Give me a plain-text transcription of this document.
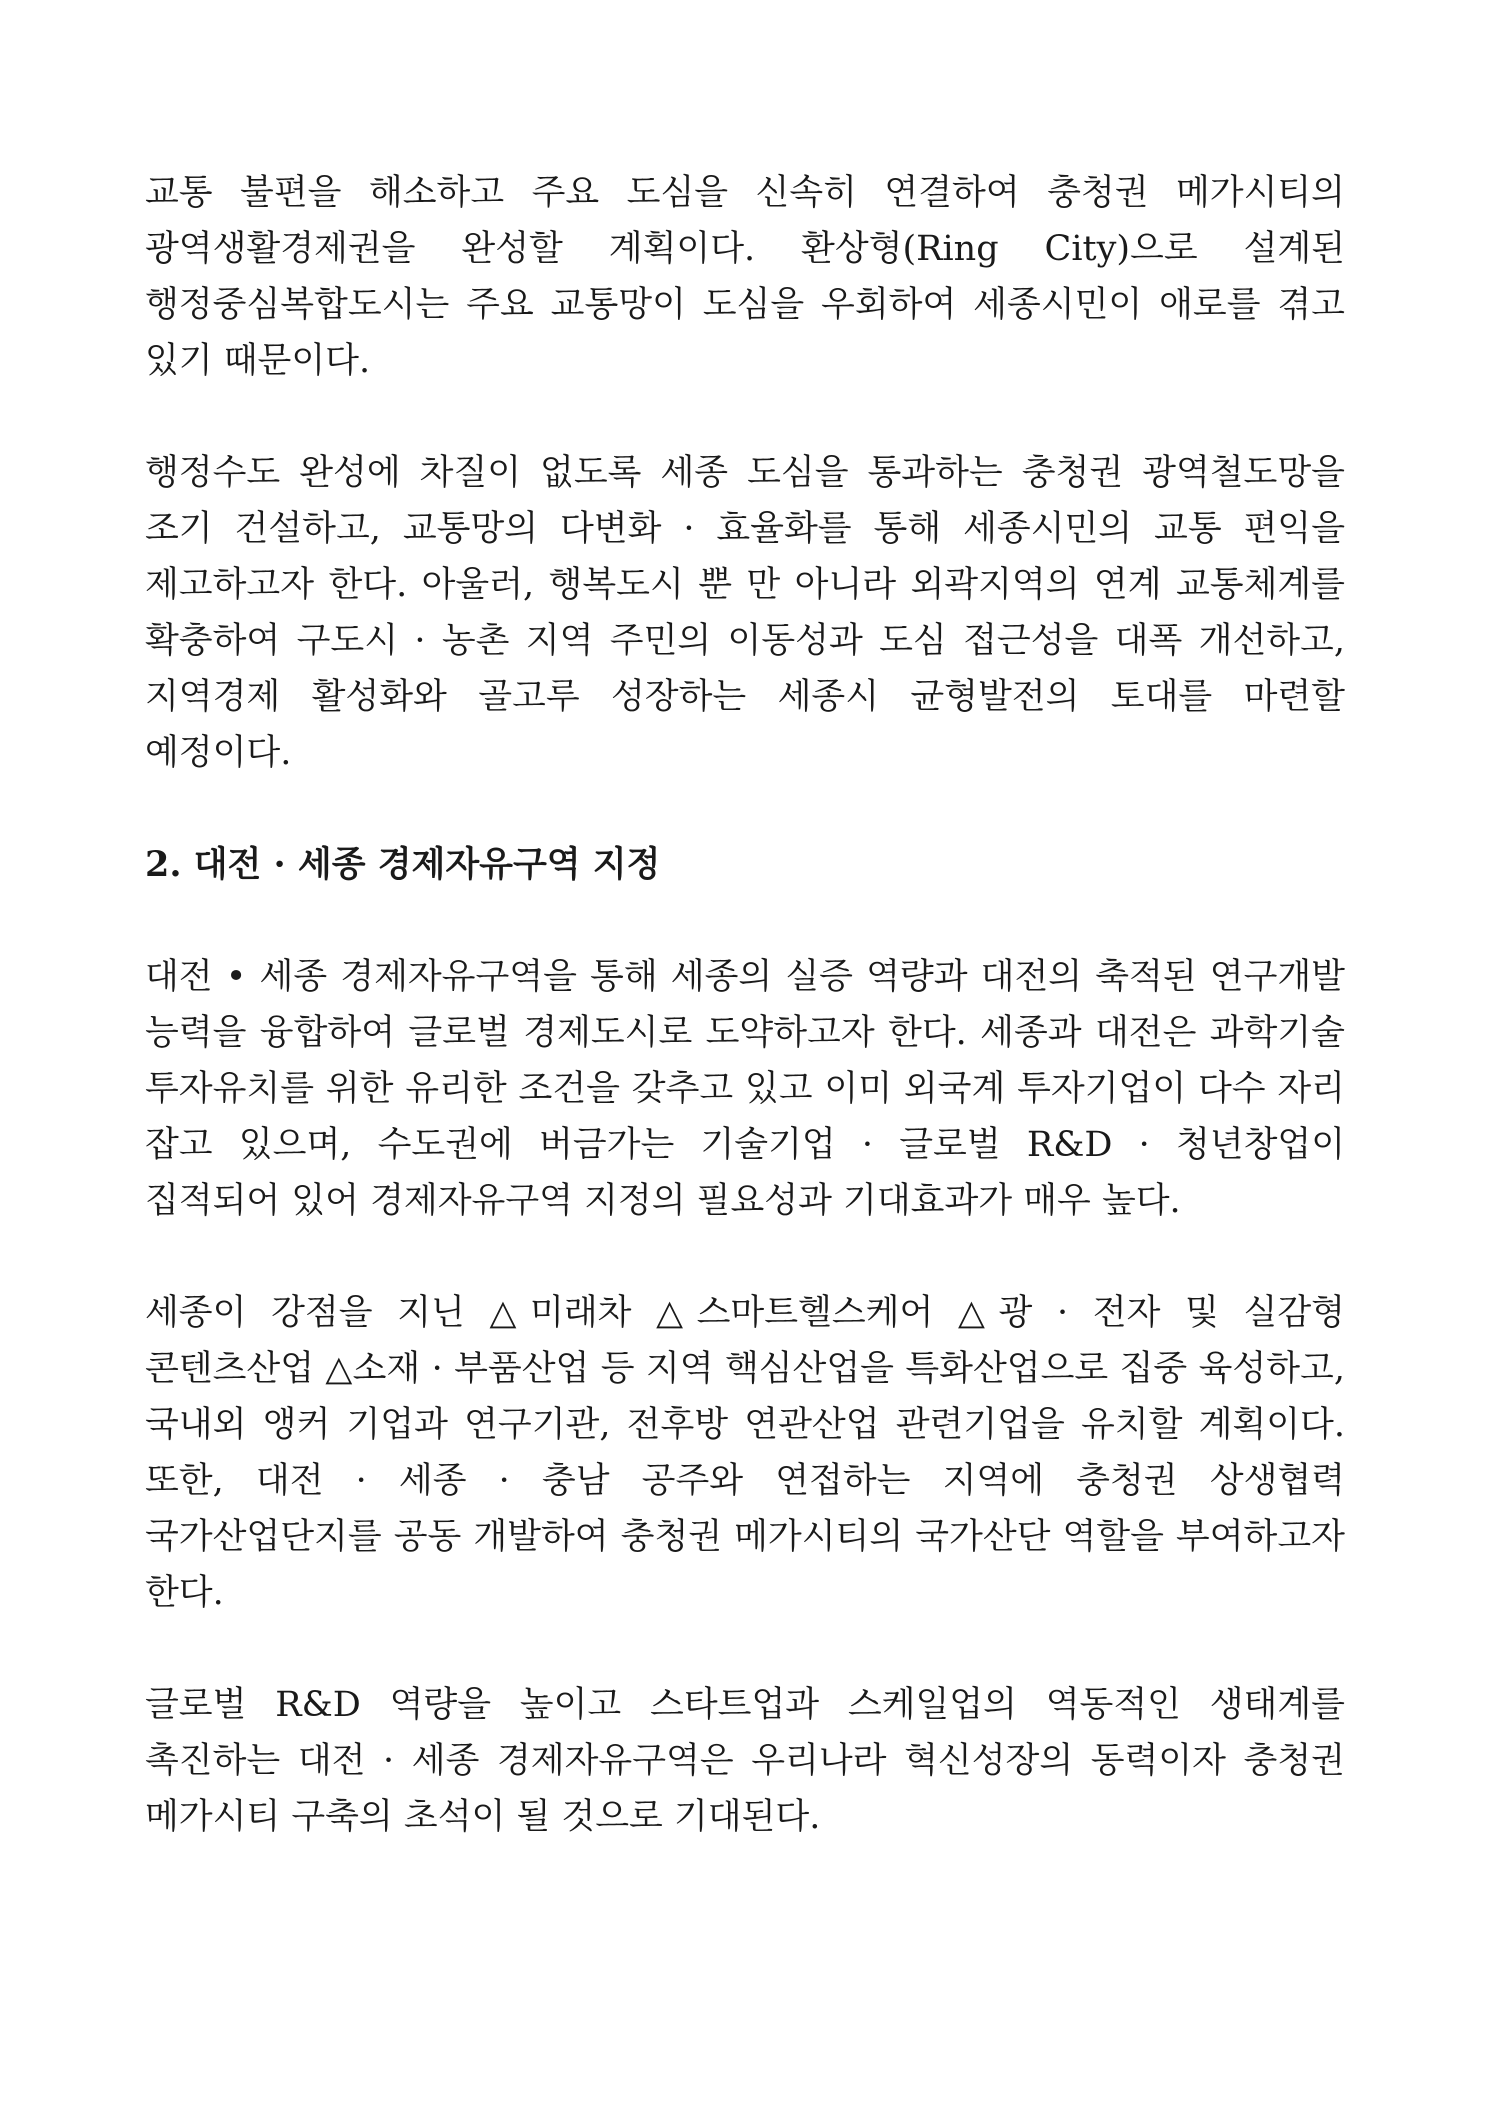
교통 불편을 해소하고 주요 도심을 신속히 연결하여 충청권 메가시티의 광역생활경제권을 완성할 계획이다. 환상형(Ring City)으로 설계된 행정중심복합도시는 주요 교통망이 도심을 우회하여 세종시민이 애로를 겪고 있기 때문이다.

행정수도 완성에 차질이 없도록 세종 도심을 통과하는 충청권 광역철도망을 조기 건설하고, 교통망의 다변화 · 효율화를 통해 세종시민의 교통 편익을 제고하고자 한다. 아울러, 행복도시 뿐 만 아니라 외곽지역의 연계 교통체계를 확충하여 구도시 · 농촌 지역 주민의 이동성과 도심 접근성을 대폭 개선하고, 지역경제 활성화와 골고루 성장하는 세종시 균형발전의 토대를 마련할 예정이다.

2. 대전 · 세종 경제자유구역 지정

대전 • 세종 경제자유구역을 통해 세종의 실증 역량과 대전의 축적된 연구개발 능력을 융합하여 글로벌 경제도시로 도약하고자 한다. 세종과 대전은 과학기술 투자유치를 위한 유리한 조건을 갖추고 있고 이미 외국계 투자기업이 다수 자리 잡고 있으며, 수도권에 버금가는 기술기업 · 글로벌 R&D · 청년창업이 집적되어 있어 경제자유구역 지정의 필요성과 기대효과가 매우 높다.

세종이 강점을 지닌 △미래차 △스마트헬스케어 △광 · 전자 및 실감형 콘텐츠산업 △소재 · 부품산업 등 지역 핵심산업을 특화산업으로 집중 육성하고, 국내외 앵커 기업과 연구기관, 전후방 연관산업 관련기업을 유치할 계획이다. 또한, 대전 · 세종 · 충남 공주와 연접하는 지역에 충청권 상생협력 국가산업단지를 공동 개발하여 충청권 메가시티의 국가산단 역할을 부여하고자 한다.

글로벌 R&D 역량을 높이고 스타트업과 스케일업의 역동적인 생태계를 촉진하는 대전 · 세종 경제자유구역은 우리나라 혁신성장의 동력이자 충청권 메가시티 구축의 초석이 될 것으로 기대된다.
